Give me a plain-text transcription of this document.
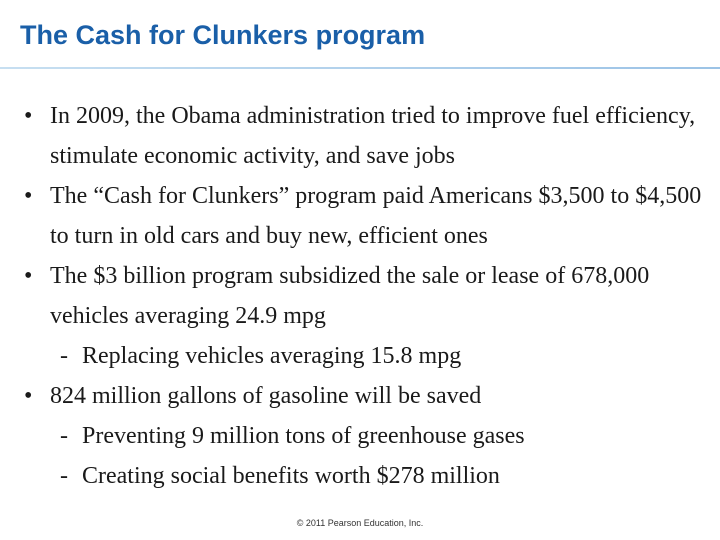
The Cash for Clunkers program
• In 2009, the Obama administration tried to improve fuel efficiency, stimulate economic activity, and save jobs
• The “Cash for Clunkers” program paid Americans $3,500 to $4,500 to turn in old cars and buy new, efficient ones
• The $3 billion program subsidized the sale or lease of 678,000 vehicles averaging 24.9 mpg
- Replacing vehicles averaging 15.8 mpg
• 824 million gallons of gasoline will be saved
- Preventing 9 million tons of greenhouse gases
- Creating social benefits worth $278 million
© 2011 Pearson Education, Inc.
